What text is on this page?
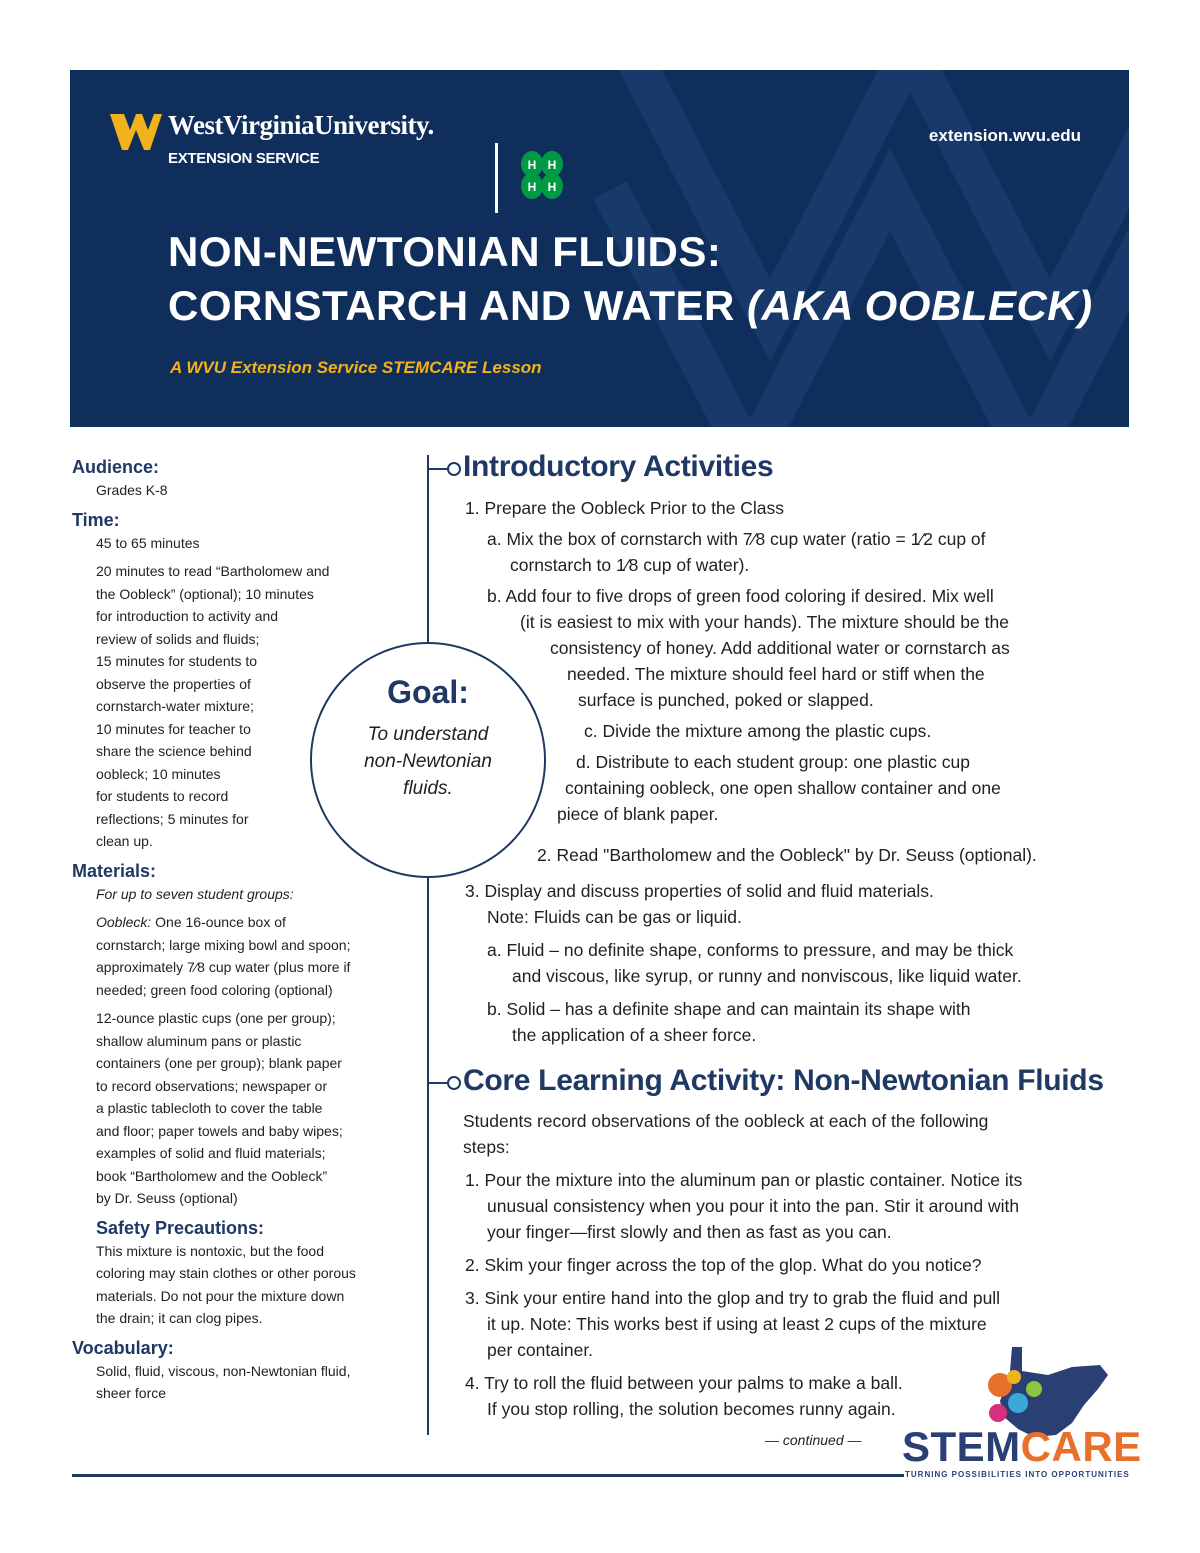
WestVirginiaUniversity.
EXTENSION SERVICE	H H
H H
extension.wvu.edu
NON-NEWTONIAN FLUIDS:
CORNSTARCH AND WATER (AKA OOBLECK)
A WVU Extension Service STEMCARE Lesson

Audience:

Grades K-8

Time:

45 to 65 minutes

20 minutes to read “Bartholomew and
the Oobleck” (optional); 10 minutes
for introduction to activity and
review of solids and fluids;
15 minutes for students to
observe the properties of
cornstarch-water mixture;
10 minutes for teacher to
share the science behind
oobleck; 10 minutes
for students to record
reflections; 5 minutes for
clean up.

Materials:

For up to seven student groups:

Oobleck: One 16-ounce box of
cornstarch; large mixing bowl and spoon;
approximately 7⁄8 cup water (plus more if
needed; green food coloring (optional)
12-ounce plastic cups (one per group);
shallow aluminum pans or plastic
containers (one per group); blank paper
to record observations; newspaper or
a plastic tablecloth to cover the table
and floor; paper towels and baby wipes;
examples of solid and fluid materials;
book “Bartholomew and the Oobleck”
by Dr. Seuss (optional)

Safety Precautions:

This mixture is nontoxic, but the food
coloring may stain clothes or other porous
materials. Do not pour the mixture down
the drain; it can clog pipes.

Vocabulary:

Solid, fluid, viscous, non-Newtonian fluid,
sheer force
Goal:
To understand
non-Newtonian
fluids.
Introductory Activities
1. Prepare the Oobleck Prior to the Class
a. Mix the box of cornstarch with 7⁄8 cup water (ratio = 1⁄2 cup of
cornstarch to 1⁄8 cup of water).
b. Add four to five drops of green food coloring if desired. Mix well
(it is easiest to mix with your hands). The mixture should be the
consistency of honey. Add additional water or cornstarch as
needed. The mixture should feel hard or stiff when the
surface is punched, poked or slapped.
c. Divide the mixture among the plastic cups.
d. Distribute to each student group: one plastic cup
containing oobleck, one open shallow container and one
piece of blank paper.
2. Read "Bartholomew and the Oobleck" by Dr. Seuss (optional).
3. Display and discuss properties of solid and fluid materials.
Note: Fluids can be gas or liquid.
a. Fluid – no definite shape, conforms to pressure, and may be thick
and viscous, like syrup, or runny and nonviscous, like liquid water.
b. Solid – has a definite shape and can maintain its shape with
the application of a sheer force.
Core Learning Activity: Non-Newtonian Fluids
Students record observations of the oobleck at each of the following
steps:
1. Pour the mixture into the aluminum pan or plastic container. Notice its
unusual consistency when you pour it into the pan. Stir it around with
your finger—first slowly and then as fast as you can.
2. Skim your finger across the top of the glop. What do you notice?
3. Sink your entire hand into the glop and try to grab the fluid and pull
it up. Note: This works best if using at least 2 cups of the mixture
per container.
4. Try to roll the fluid between your palms to make a ball.
If you stop rolling, the solution becomes runny again.
— continued — STEMCARE
TURNING POSSIBILITIES INTO OPPORTUNITIES
